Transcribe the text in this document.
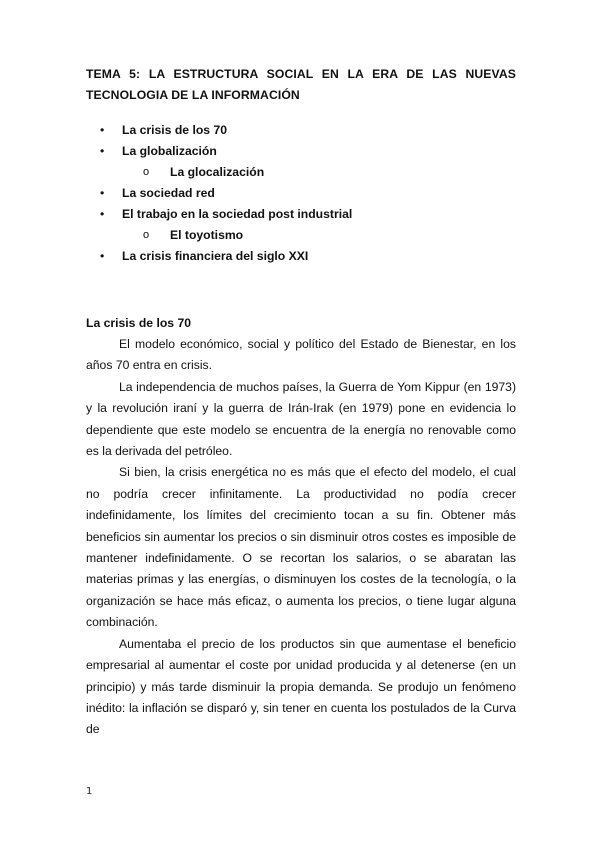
TEMA 5: LA ESTRUCTURA SOCIAL EN LA ERA DE LAS NUEVAS TECNOLOGIA DE LA INFORMACIÓN

• La crisis de los 70
• La globalización
o La glocalización
• La sociedad red
• El trabajo en la sociedad post industrial
o El toyotismo
• La crisis financiera del siglo XXI

La crisis de los 70

El modelo económico, social y político del Estado de Bienestar, en los años 70 entra en crisis.

La independencia de muchos países, la Guerra de Yom Kippur (en 1973) y la revolución iraní y la guerra de Irán-Irak (en 1979) pone en evidencia lo dependiente que este modelo se encuentra de la energía no renovable como es la derivada del petróleo.

Si bien, la crisis energética no es más que el efecto del modelo, el cual no podría crecer infinitamente. La productividad no podía crecer indefinidamente, los límites del crecimiento tocan a su fin. Obtener más beneficios sin aumentar los precios o sin disminuir otros costes es imposible de mantener indefinidamente. O se recortan los salarios, o se abaratan las materias primas y las energías, o disminuyen los costes de la tecnología, o la organización se hace más eficaz, o aumenta los precios, o tiene lugar alguna combinación.

Aumentaba el precio de los productos sin que aumentase el beneficio empresarial al aumentar el coste por unidad producida y al detenerse (en un principio) y más tarde disminuir la propia demanda. Se produjo un fenómeno inédito: la inflación se disparó y, sin tener en cuenta los postulados de la Curva de

1
